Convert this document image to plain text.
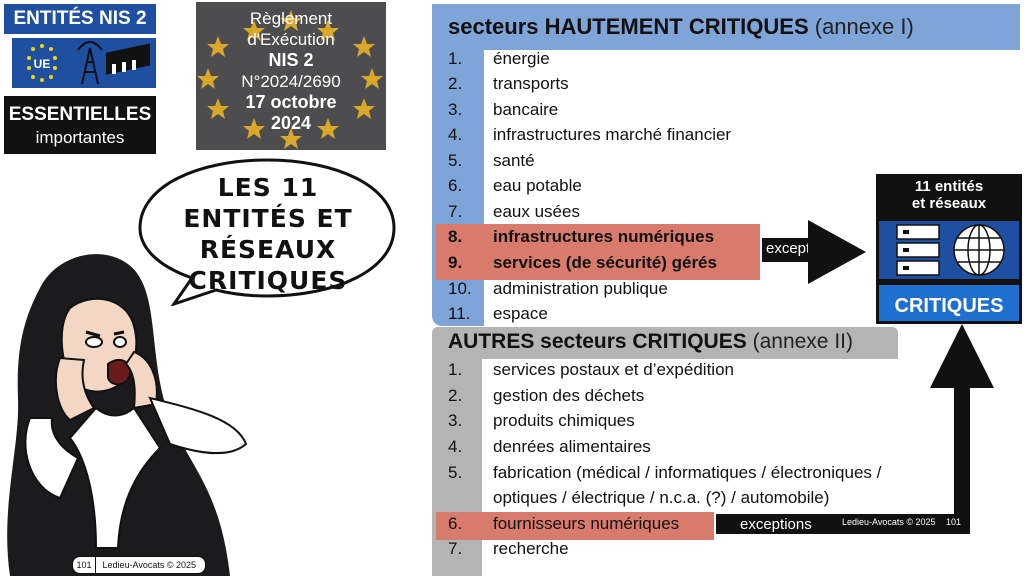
ENTITÉS NIS 2
UE
ESSENTIELLES
importantes
Règlement
d'Exécution
NIS 2
N°2024/2690
17 octobre
2024
secteurs HAUTEMENT CRITIQUES (annexe I)
1. énergie
2. transports
3. bancaire
4. infrastructures marché financier
5. santé
6. eau potable
7. eaux usées
8. infrastructures numériques
9. services (de sécurité) gérés
10. administration publique
11. espace
AUTRES secteurs CRITIQUES (annexe II)
1. services postaux et d’expédition
2. gestion des déchets
3. produits chimiques
4. denrées alimentaires
5. fabrication (médical / informatiques / électroniques /
optiques / électrique / n.c.a. (?) / automobile)
6. fournisseurs numériques
7. recherche
exceptions
11 entités
et réseaux
CRITIQUES
exceptions	Ledieu-Avocats © 2025 101
LES 11
ENTITÉS ET
RÉSEAUX
CRITIQUES
101 Ledieu-Avocats © 2025
